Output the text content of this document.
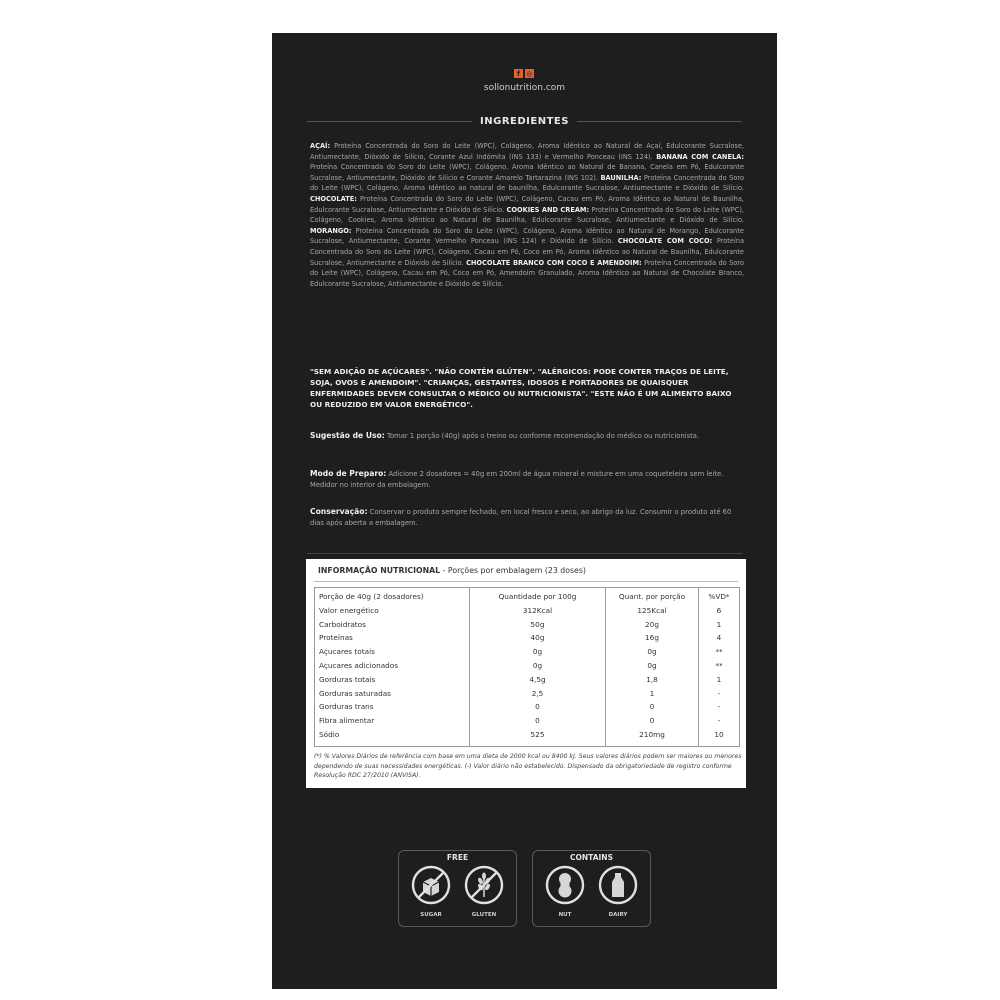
f ◎
sollonutrition.com
INGREDIENTES
AÇAÍ: Proteína Concentrada do Soro do Leite (WPC), Colágeno, Aroma Idêntico ao Natural de Açaí, Edulcorante Sucralose, Antiumectante, Dióxido de Silício, Corante Azul Indómita (INS 133) e Vermelho Ponceau (INS 124). BANANA COM CANELA: Proteína Concentrada do Soro do Leite (WPC), Colágeno, Aroma Idêntico ao Natural de Banana, Canela em Pó, Edulcorante Sucralose, Antiumectante, Dióxido de Silício e Corante Amarelo Tartarazina (INS 102). BAUNILHA: Proteína Concentrada do Soro do Leite (WPC), Colágeno, Aroma Idêntico ao natural de baunilha, Edulcorante Sucralose, Antiumectante e Dióxido de Silício. CHOCOLATE: Proteína Concentrada do Soro do Leite (WPC), Colágeno, Cacau em Pó, Aroma Idêntico ao Natural de Baunilha, Edulcorante Sucralose, Antiumectante e Dióxido de Silício. COOKIES AND CREAM: Proteína Concentrada do Soro do Leite (WPC), Colágeno, Cookies, Aroma Idêntico ao Natural de Baunilha, Edulcorante Sucralose, Antiumectante e Dióxido de Silício. MORANGO: Proteína Concentrada do Soro do Leite (WPC), Colágeno, Aroma Idêntico ao Natural de Morango, Edulcorante Sucralose, Antiumectante, Corante Vermelho Ponceau (INS 124) e Dióxido de Silício. CHOCOLATE COM COCO: Proteína Concentrada do Soro do Leite (WPC), Colágeno, Cacau em Pó, Coco em Pó, Aroma Idêntico ao Natural de Baunilha, Edulcorante Sucralose, Antiumectante e Dióxido de Silício. CHOCOLATE BRANCO COM COCO E AMENDOIM: Proteína Concentrada do Soro do Leite (WPC), Colágeno, Cacau em Pó, Coco em Pó, Amendoim Granulado, Aroma Idêntico ao Natural de Chocolate Branco, Edulcorante Sucralose, Antiumectante e Dióxido de Silício.
"SEM ADIÇÃO DE AÇÚCARES". "NÃO CONTÉM GLÚTEN". "ALÉRGICOS: PODE CONTER TRAÇOS DE LEITE, SOJA, OVOS E AMENDOIM". "CRIANÇAS, GESTANTES, IDOSOS E PORTADORES DE QUAISQUER ENFERMIDADES DEVEM CONSULTAR O MÉDICO OU NUTRICIONISTA". "ESTE NÃO É UM ALIMENTO BAIXO OU REDUZIDO EM VALOR ENERGÉTICO".
Sugestão de Uso: Tomar 1 porção (40g) após o treino ou conforme recomendação do médico ou nutricionista.
Modo de Preparo: Adicione 2 dosadores = 40g em 200ml de água mineral e misture em uma coqueteleira sem leite. Medidor no interior da embalagem.
Conservação: Conservar o produto sempre fechado, em local fresco e seco, ao abrigo da luz. Consumir o produto até 60 dias após aberta a embalagem.
INFORMAÇÃO NUTRICIONAL - Porções por embalagem (23 doses)
Porção de 40g (2 dosadores)
Valor energético
Carboidratos
Proteínas
Açucares totais
Açucares adicionados
Gorduras totais
Gorduras saturadas
Gorduras trans
Fibra alimentar
Sódio
Quantidade por 100g
312Kcal
50g
40g
0g
0g
4,5g
2,5
0
0
525
Quant. por porção
125Kcal
20g
16g
0g
0g
1,8
1
0
0
210mg
%VD*
6
1
4
**
**
1
-
-
-
10
(*) % Valores Diários de referência com base em uma dieta de 2000 kcal ou 8400 kJ. Seus valores diários podem ser maiores ou menores dependendo de suas necessidades energéticas. (-) Valor diário não estabelecido. Dispensado da obrigatoriedade de registro conforme Resolução RDC 27/2010 (ANVISA).
FREE
SUGAR	GLUTEN
CONTAINS
NUT	DAIRY
